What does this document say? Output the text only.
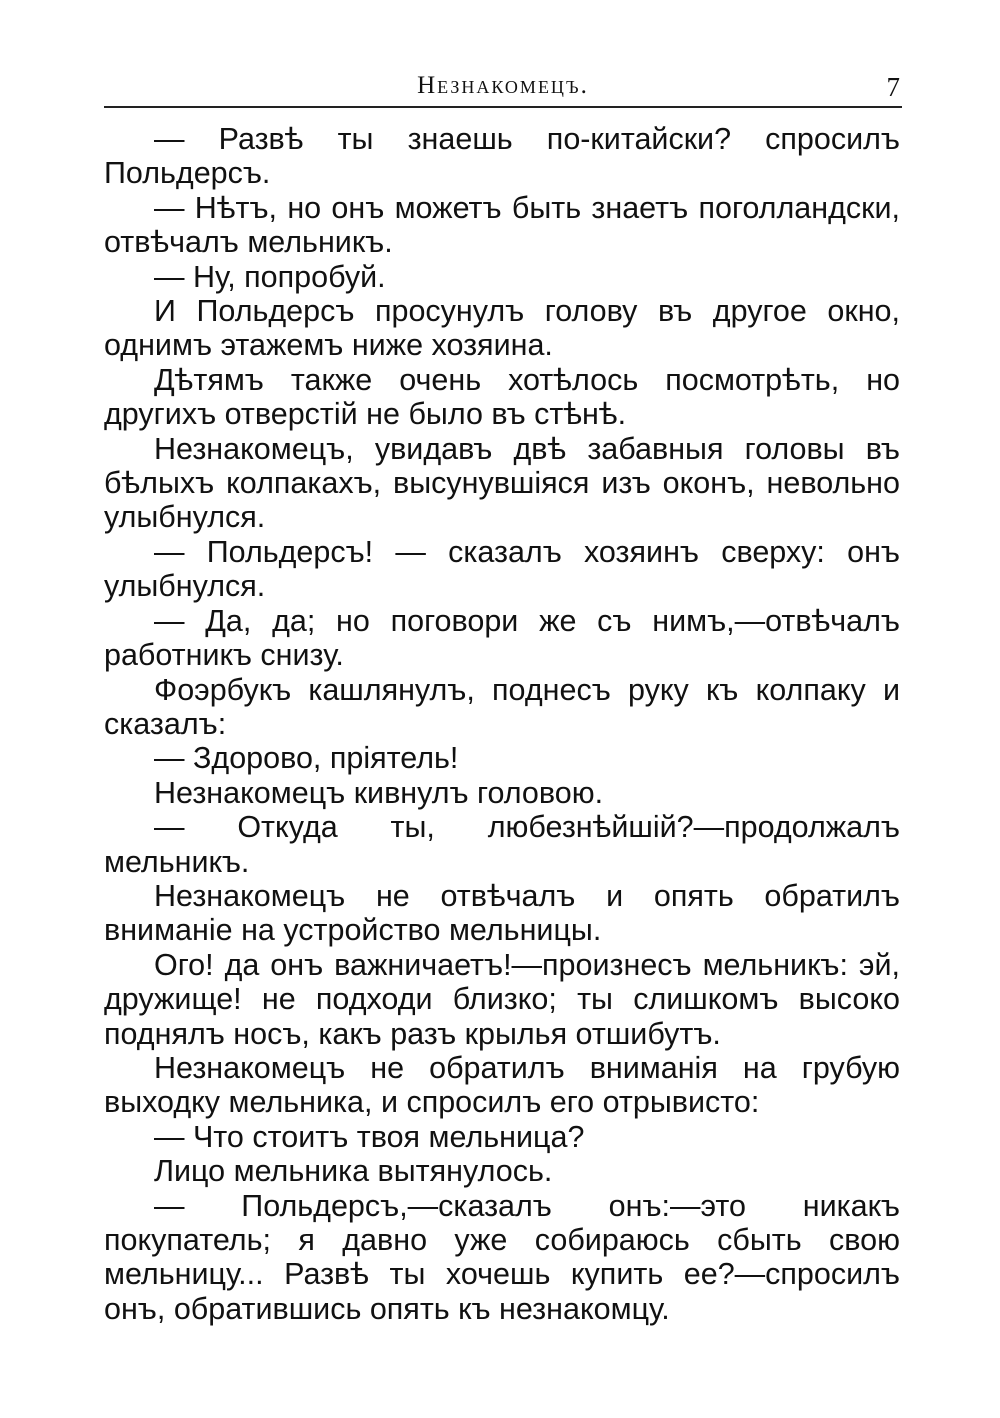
Незнакомецъ.	7

— Развѣ ты знаешь по-китайски? спросилъ Польдерсъ.

— Нѣтъ, но онъ можетъ быть знаетъ поголландски, отвѣчалъ мельникъ.

— Ну, попробуй.

И Польдерсъ просунулъ голову въ другое окно, однимъ этажемъ ниже хозяина.

Дѣтямъ также очень хотѣлось посмотрѣть, но другихъ отверстій не было въ стѣнѣ.

Незнакомецъ, увидавъ двѣ забавныя головы въ бѣлыхъ колпакахъ, высунувшіяся изъ оконъ, невольно улыбнулся.

— Польдерсъ! — сказалъ хозяинъ сверху: онъ улыбнулся.

— Да, да; но поговори же съ нимъ,—отвѣчалъ работникъ снизу.

Фоэрбукъ кашлянулъ, поднесъ руку къ колпаку и сказалъ:

— Здорово, пріятель!

Незнакомецъ кивнулъ головою.

— Откуда ты, любезнѣйшій?—продолжалъ мельникъ.

Незнакомецъ не отвѣчалъ и опять обратилъ вниманіе на устройство мельницы.

Ого! да онъ важничаетъ!—произнесъ мельникъ: эй, дружище! не подходи близко; ты слишкомъ высоко поднялъ носъ, какъ разъ крылья отшибутъ.

Незнакомецъ не обратилъ вниманія на грубую выходку мельника, и спросилъ его отрывисто:

— Что стоитъ твоя мельница?

Лицо мельника вытянулось.

— Польдерсъ,—сказалъ онъ:—это никакъ покупатель; я давно уже собираюсь сбыть свою мельницу... Развѣ ты хочешь купить ее?—спросилъ онъ, обратившись опять къ незнакомцу.
